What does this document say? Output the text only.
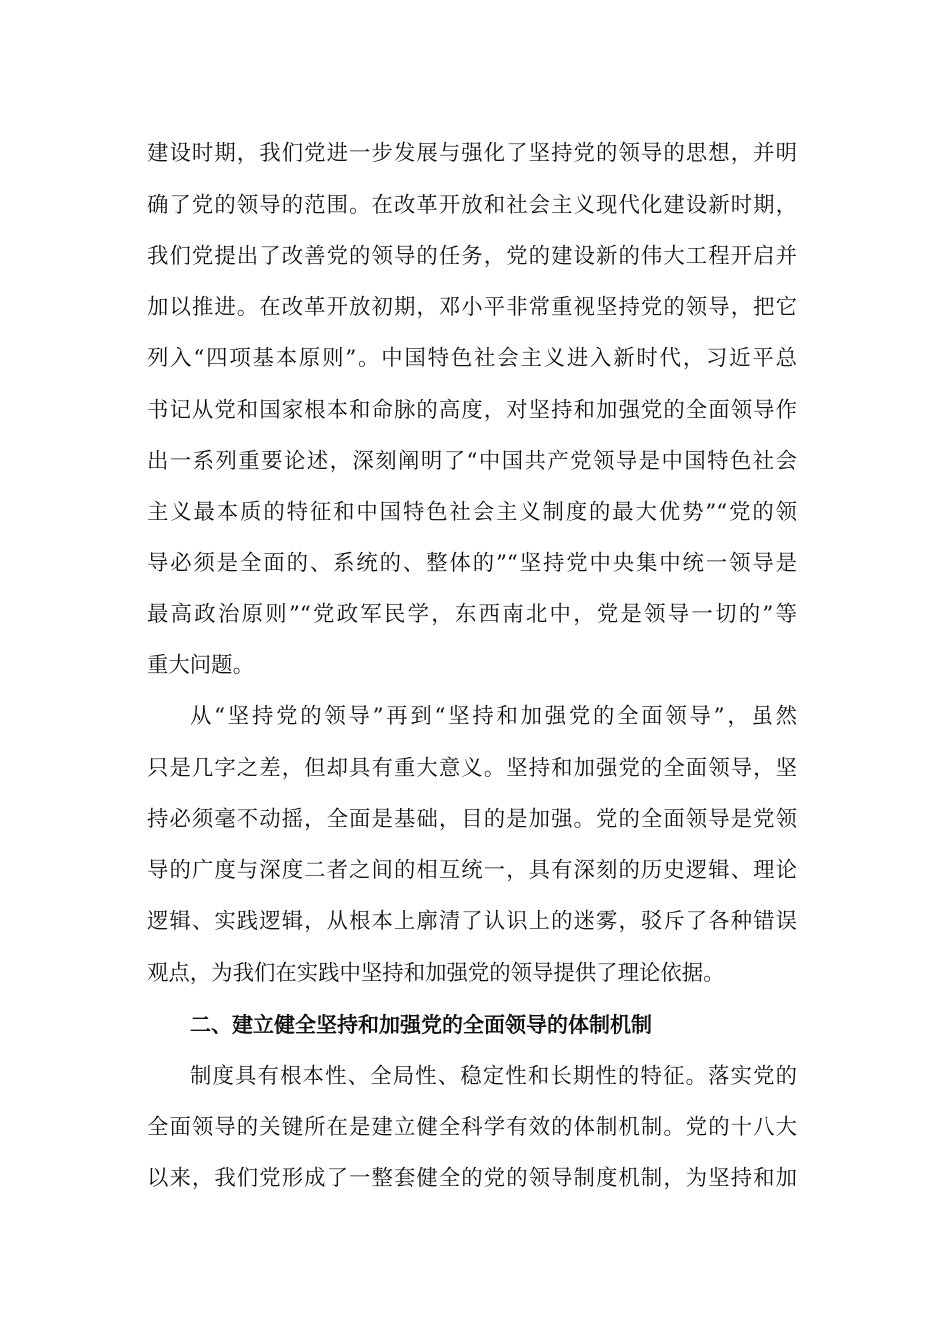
建设时期，我们党进一步发展与强化了坚持党的领导的思想，并明
确了党的领导的范围。在改革开放和社会主义现代化建设新时期，
我们党提出了改善党的领导的任务，党的建设新的伟大工程开启并
加以推进。在改革开放初期，邓小平非常重视坚持党的领导，把它
列入“四项基本原则”。中国特色社会主义进入新时代，习近平总
书记从党和国家根本和命脉的高度，对坚持和加强党的全面领导作
出一系列重要论述，深刻阐明了“中国共产党领导是中国特色社会
主义最本质的特征和中国特色社会主义制度的最大优势”“党的领
导必须是全面的、系统的、整体的”“坚持党中央集中统一领导是
最高政治原则”“党政军民学，东西南北中，党是领导一切的”等
重大问题。
从“坚持党的领导”再到“坚持和加强党的全面领导”，虽然
只是几字之差，但却具有重大意义。坚持和加强党的全面领导，坚
持必须毫不动摇，全面是基础，目的是加强。党的全面领导是党领
导的广度与深度二者之间的相互统一，具有深刻的历史逻辑、理论
逻辑、实践逻辑，从根本上廓清了认识上的迷雾，驳斥了各种错误
观点，为我们在实践中坚持和加强党的领导提供了理论依据。
二、建立健全坚持和加强党的全面领导的体制机制
制度具有根本性、全局性、稳定性和长期性的特征。落实党的
全面领导的关键所在是建立健全科学有效的体制机制。党的十八大
以来，我们党形成了一整套健全的党的领导制度机制，为坚持和加
